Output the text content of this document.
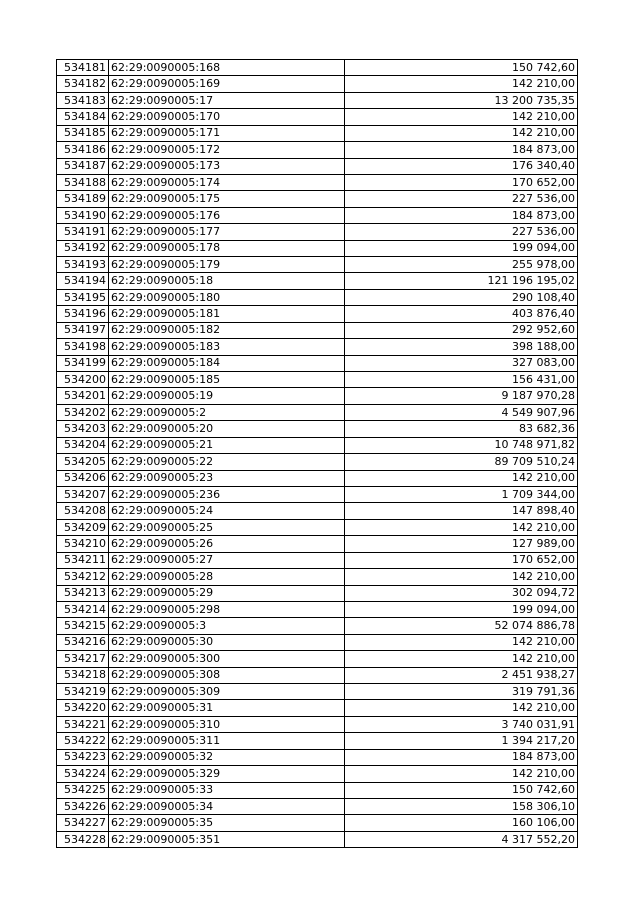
534181	62:29:0090005:168	150 742,60
534182	62:29:0090005:169	142 210,00
534183	62:29:0090005:17	13 200 735,35
534184	62:29:0090005:170	142 210,00
534185	62:29:0090005:171	142 210,00
534186	62:29:0090005:172	184 873,00
534187	62:29:0090005:173	176 340,40
534188	62:29:0090005:174	170 652,00
534189	62:29:0090005:175	227 536,00
534190	62:29:0090005:176	184 873,00
534191	62:29:0090005:177	227 536,00
534192	62:29:0090005:178	199 094,00
534193	62:29:0090005:179	255 978,00
534194	62:29:0090005:18	121 196 195,02
534195	62:29:0090005:180	290 108,40
534196	62:29:0090005:181	403 876,40
534197	62:29:0090005:182	292 952,60
534198	62:29:0090005:183	398 188,00
534199	62:29:0090005:184	327 083,00
534200	62:29:0090005:185	156 431,00
534201	62:29:0090005:19	9 187 970,28
534202	62:29:0090005:2	4 549 907,96
534203	62:29:0090005:20	83 682,36
534204	62:29:0090005:21	10 748 971,82
534205	62:29:0090005:22	89 709 510,24
534206	62:29:0090005:23	142 210,00
534207	62:29:0090005:236	1 709 344,00
534208	62:29:0090005:24	147 898,40
534209	62:29:0090005:25	142 210,00
534210	62:29:0090005:26	127 989,00
534211	62:29:0090005:27	170 652,00
534212	62:29:0090005:28	142 210,00
534213	62:29:0090005:29	302 094,72
534214	62:29:0090005:298	199 094,00
534215	62:29:0090005:3	52 074 886,78
534216	62:29:0090005:30	142 210,00
534217	62:29:0090005:300	142 210,00
534218	62:29:0090005:308	2 451 938,27
534219	62:29:0090005:309	319 791,36
534220	62:29:0090005:31	142 210,00
534221	62:29:0090005:310	3 740 031,91
534222	62:29:0090005:311	1 394 217,20
534223	62:29:0090005:32	184 873,00
534224	62:29:0090005:329	142 210,00
534225	62:29:0090005:33	150 742,60
534226	62:29:0090005:34	158 306,10
534227	62:29:0090005:35	160 106,00
534228	62:29:0090005:351	4 317 552,20
